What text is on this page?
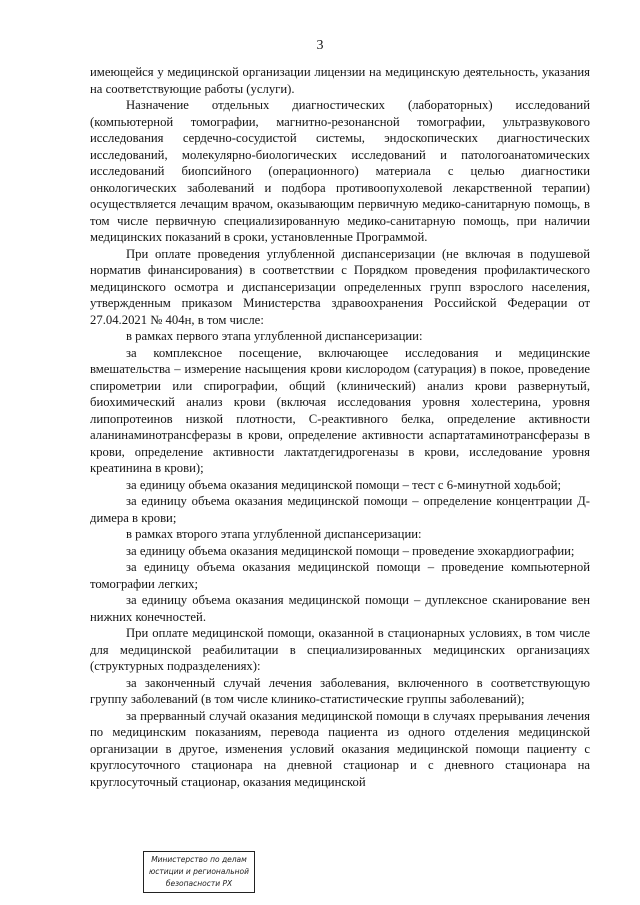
3

имеющейся у медицинской организации лицензии на медицинскую деятельность, указания на соответствующие работы (услуги).

Назначение отдельных диагностических (лабораторных) исследований (компьютерной томографии, магнитно-резонансной томографии, ультразвукового исследования сердечно-сосудистой системы, эндоскопических диагностических исследований, молекулярно-биологических исследований и патологоанатомических исследований биопсийного (операционного) материала с целью диагностики онкологических заболеваний и подбора противоопухолевой лекарственной терапии) осуществляется лечащим врачом, оказывающим первичную медико-санитарную помощь, в том числе первичную специализированную медико-санитарную помощь, при наличии медицинских показаний в сроки, установленные Программой.

При оплате проведения углубленной диспансеризации (не включая в подушевой норматив финансирования) в соответствии с Порядком проведения профилактического медицинского осмотра и диспансеризации определенных групп взрослого населения, утвержденным приказом Министерства здравоохранения Российской Федерации от 27.04.2021 № 404н, в том числе:

в рамках первого этапа углубленной диспансеризации:

за комплексное посещение, включающее исследования и медицинские вмешательства – измерение насыщения крови кислородом (сатурация) в покое, проведение спирометрии или спирографии, общий (клинический) анализ крови развернутый, биохимический анализ крови (включая исследования уровня холестерина, уровня липопротеинов низкой плотности, С-реактивного белка, определение активности аланинаминотрансферазы в крови, определение активности аспартатаминотрансферазы в крови, определение активности лактатдегидрогеназы в крови, исследование уровня креатинина в крови);

за единицу объема оказания медицинской помощи – тест с 6-минутной ходьбой;

за единицу объема оказания медицинской помощи – определение концентрации Д-димера в крови;

в рамках второго этапа углубленной диспансеризации:

за единицу объема оказания медицинской помощи – проведение эхокардиографии;

за единицу объема оказания медицинской помощи – проведение компьютерной томографии легких;

за единицу объема оказания медицинской помощи – дуплексное сканирование вен нижних конечностей.

При оплате медицинской помощи, оказанной в стационарных условиях, в том числе для медицинской реабилитации в специализированных медицинских организациях (структурных подразделениях):

за законченный случай лечения заболевания, включенного в соответствующую группу заболеваний (в том числе клинико-статистические группы заболеваний);

за прерванный случай оказания медицинской помощи в случаях прерывания лечения по медицинским показаниям, перевода пациента из одного отделения медицинской организации в другое, изменения условий оказания медицинской помощи пациенту с круглосуточного стационара на дневной стационар и с дневного стационара на круглосуточный стационар, оказания медицинской

Министерство по делам
юстиции и региональной
безопасности РХ
